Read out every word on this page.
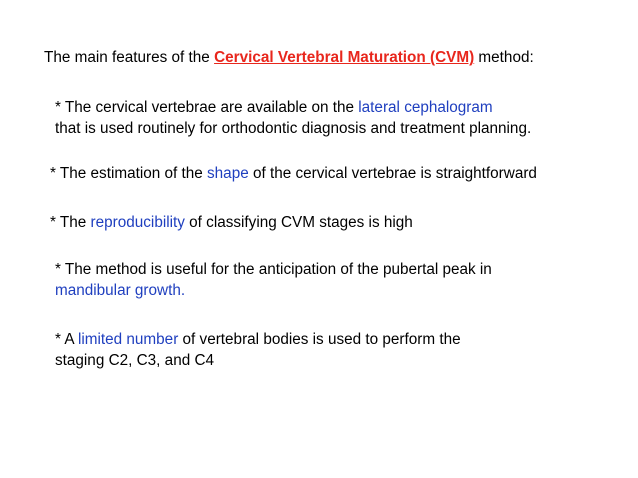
The main features of the Cervical Vertebral Maturation (CVM) method:
* The cervical vertebrae are available on the lateral cephalogram
that is used routinely for orthodontic diagnosis and treatment planning.
* The estimation of the shape of the cervical vertebrae is straightforward
* The reproducibility of classifying CVM stages is high
* The method is useful for the anticipation of the pubertal peak in
mandibular growth.
* A limited number of vertebral bodies is used to perform the
staging C2, C3, and C4
